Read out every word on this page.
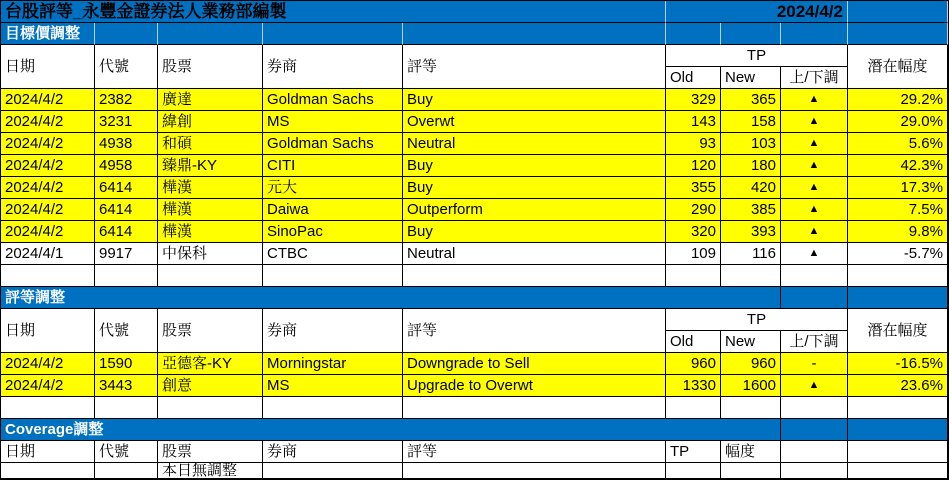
台股評等_永豐金證券法人業務部編製	2024/4/2
目標價調整
日期	代號	股票	券商	評等
TP
潛在幅度
Old	New	上/下調
2024/4/2	2382	廣達	Goldman Sachs	Buy	329	365	▲	29.2%
2024/4/2	3231	緯創	MS	Overwt	143	158	▲	29.0%
2024/4/2	4938	和碩	Goldman Sachs	Neutral	93	103	▲	5.6%
2024/4/2	4958	臻鼎-KY	CITI	Buy	120	180	▲	42.3%
2024/4/2	6414	樺漢	元大	Buy	355	420	▲	17.3%
2024/4/2	6414	樺漢	Daiwa	Outperform	290	385	▲	7.5%
2024/4/2	6414	樺漢	SinoPac	Buy	320	393	▲	9.8%
2024/4/1	9917	中保科	CTBC	Neutral	109	116	▲	-5.7%
評等調整
日期	代號	股票	券商	評等
TP
潛在幅度
Old	New	上/下調
2024/4/2	1590	亞德客-KY	Morningstar	Downgrade to Sell	960	960	-	-16.5%
2024/4/2	3443	創意	MS	Upgrade to Overwt	1330	1600	▲	23.6%
Coverage調整
日期	代號	股票	券商	評等	TP	幅度
本日無調整
